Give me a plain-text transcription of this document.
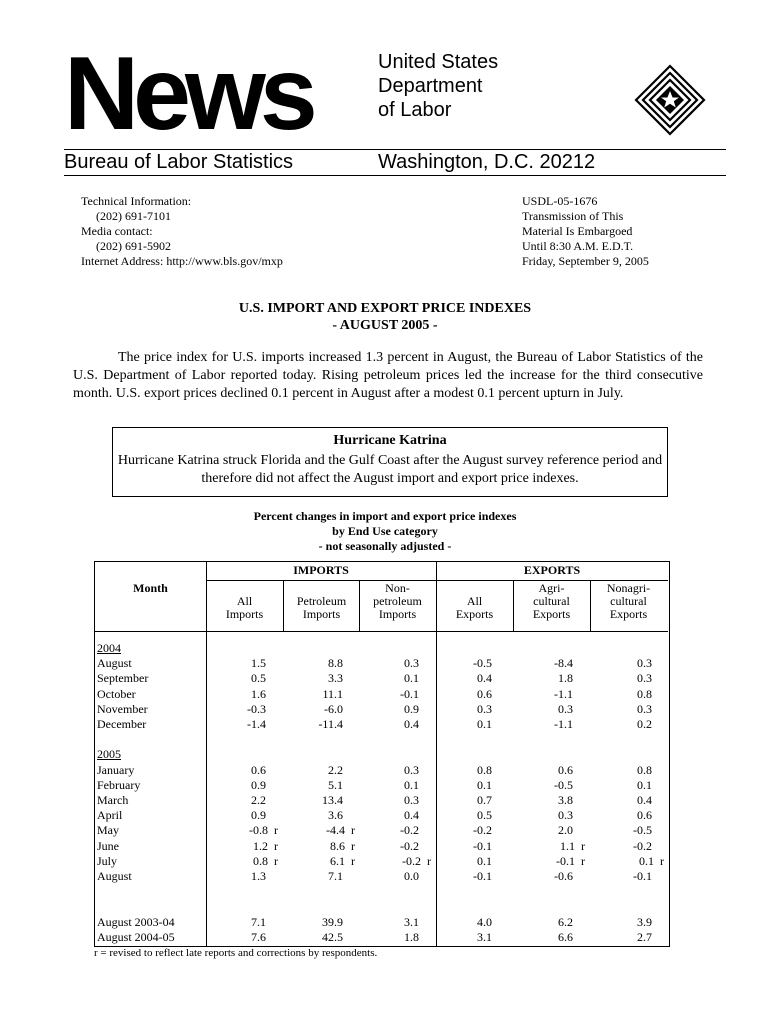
News	United States
Department
of Labor
Bureau of Labor Statistics	Washington, D.C. 20212
Technical Information:
(202) 691-7101
Media contact:
(202) 691-5902
Internet Address: http://www.bls.gov/mxp
USDL-05-1676
Transmission of This
Material Is Embargoed
Until 8:30 A.M. E.D.T.
Friday, September 9, 2005
U.S. IMPORT AND EXPORT PRICE INDEXES
- AUGUST 2005 -
The price index for U.S. imports increased 1.3 percent in August, the Bureau of Labor Statistics of the U.S. Department of Labor reported today. Rising petroleum prices led the increase for the third consecutive month. U.S. export prices declined 0.1 percent in August after a modest 0.1 percent upturn in July.
Hurricane Katrina
Hurricane Katrina struck Florida and the Gulf Coast after the August survey reference period and therefore did not affect the August import and export price indexes.
Percent changes in import and export price indexes
by End Use category
- not seasonally adjusted -
Month
IMPORTS	EXPORTS
All
Imports
Petroleum
Imports
Non-
petroleum
Imports
All
Exports
Agri-
cultural
Exports
Nonagri-
cultural
Exports
2004
August	1.5	8.8	0.3	-0.5	-8.4	0.3
September	0.5	3.3	0.1	0.4	1.8	0.3
October	1.6	11.1	-0.1	0.6	-1.1	0.8
November	-0.3	-6.0	0.9	0.3	0.3	0.3
December	-1.4	-11.4	0.4	0.1	-1.1	0.2
2005
January	0.6	2.2	0.3	0.8	0.6	0.8
February	0.9	5.1	0.1	0.1	-0.5	0.1
March	2.2	13.4	0.3	0.7	3.8	0.4
April	0.9	3.6	0.4	0.5	0.3	0.6
May	-0.8  r	-4.4  r	-0.2	-0.2	2.0	-0.5
June	1.2  r	8.6  r	-0.2	-0.1	1.1  r	-0.2
July	0.8  r	6.1  r	-0.2  r	0.1	-0.1  r	0.1  r
August	1.3	7.1	0.0	-0.1	-0.6	-0.1
August 2003-04	7.1	39.9	3.1	4.0	6.2	3.9
August 2004-05	7.6	42.5	1.8	3.1	6.6	2.7
r = revised to reflect late reports and corrections by respondents.
